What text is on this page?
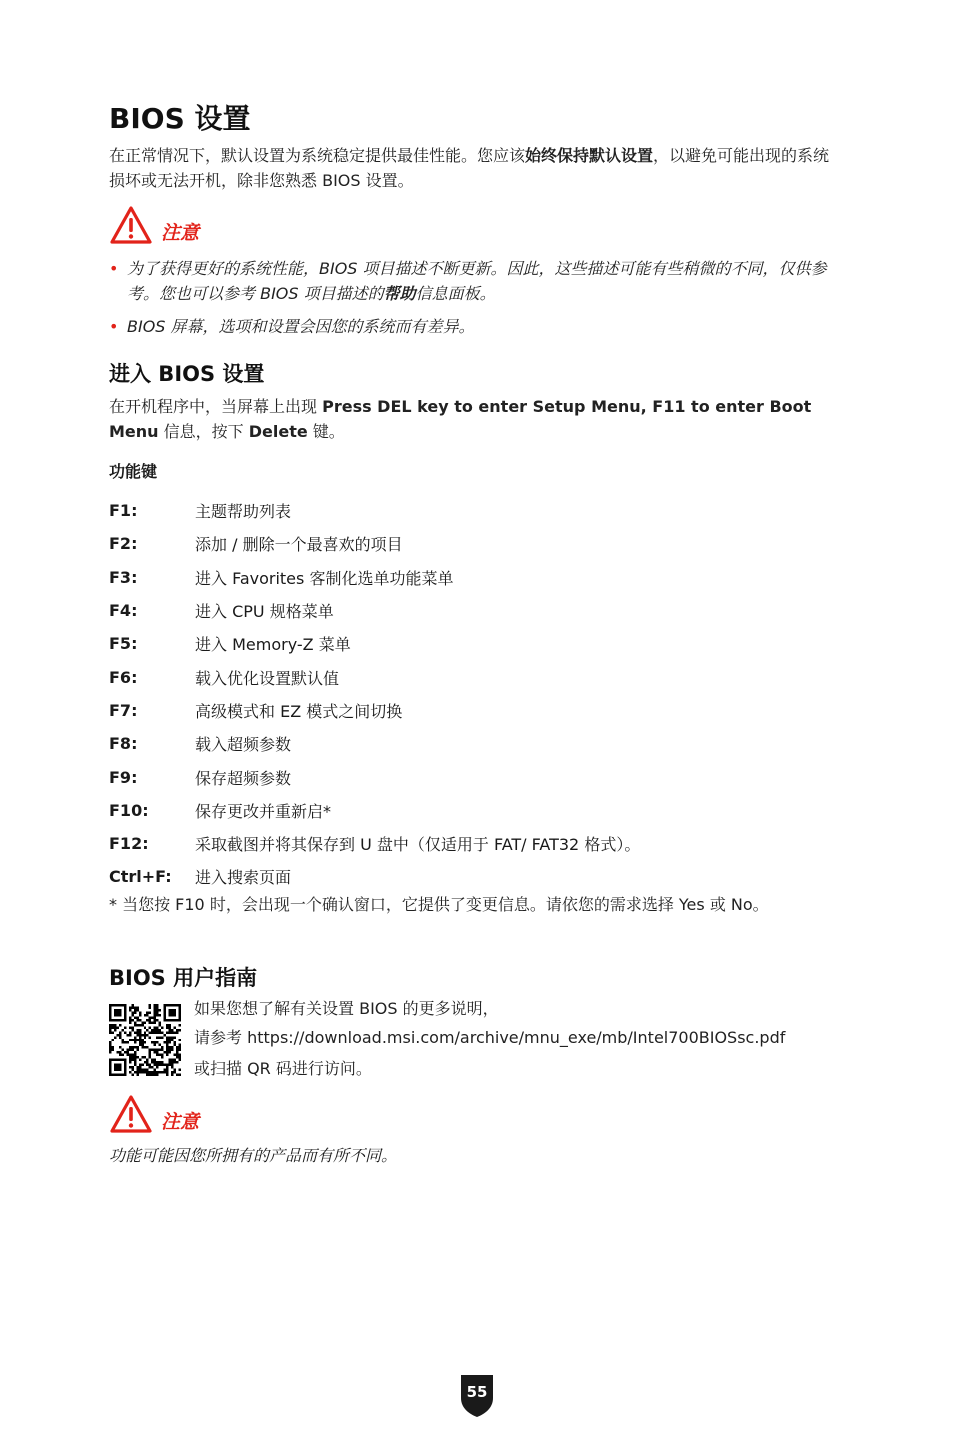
BIOS 设置
在正常情况下，默认设置为系统稳定提供最佳性能。您应该始终保持默认设置，以避免可能出现的系统损坏或无法开机，除非您熟悉 BIOS 设置。
注意
• 为了获得更好的系统性能，BIOS 项目描述不断更新。因此，这些描述可能有些稍微的不同，仅供参考。您也可以参考 BIOS 项目描述的帮助信息面板。
• BIOS 屏幕，选项和设置会因您的系统而有差异。
进入 BIOS 设置
在开机程序中，当屏幕上出现 Press DEL key to enter Setup Menu, F11 to enter Boot Menu 信息，按下 Delete 键。
功能键
F1:	主题帮助列表
F2:	添加 / 删除一个最喜欢的项目
F3:	进入 Favorites 客制化选单功能菜单
F4:	进入 CPU 规格菜单
F5:	进入 Memory-Z 菜单
F6:	载入优化设置默认值
F7:	高级模式和 EZ 模式之间切换
F8:	载入超频参数
F9:	保存超频参数
F10:	保存更改并重新启*
F12:	采取截图并将其保存到 U 盘中（仅适用于 FAT/ FAT32 格式）。
Ctrl+F:	进入搜索页面
* 当您按 F10 时，会出现一个确认窗口，它提供了变更信息。请依您的需求选择 Yes 或 No。
BIOS 用户指南
如果您想了解有关设置 BIOS 的更多说明，
请参考 https://download.msi.com/archive/mnu_exe/mb/Intel700BIOSsc.pdf
或扫描 QR 码进行访问。
注意
功能可能因您所拥有的产品而有所不同。
55
